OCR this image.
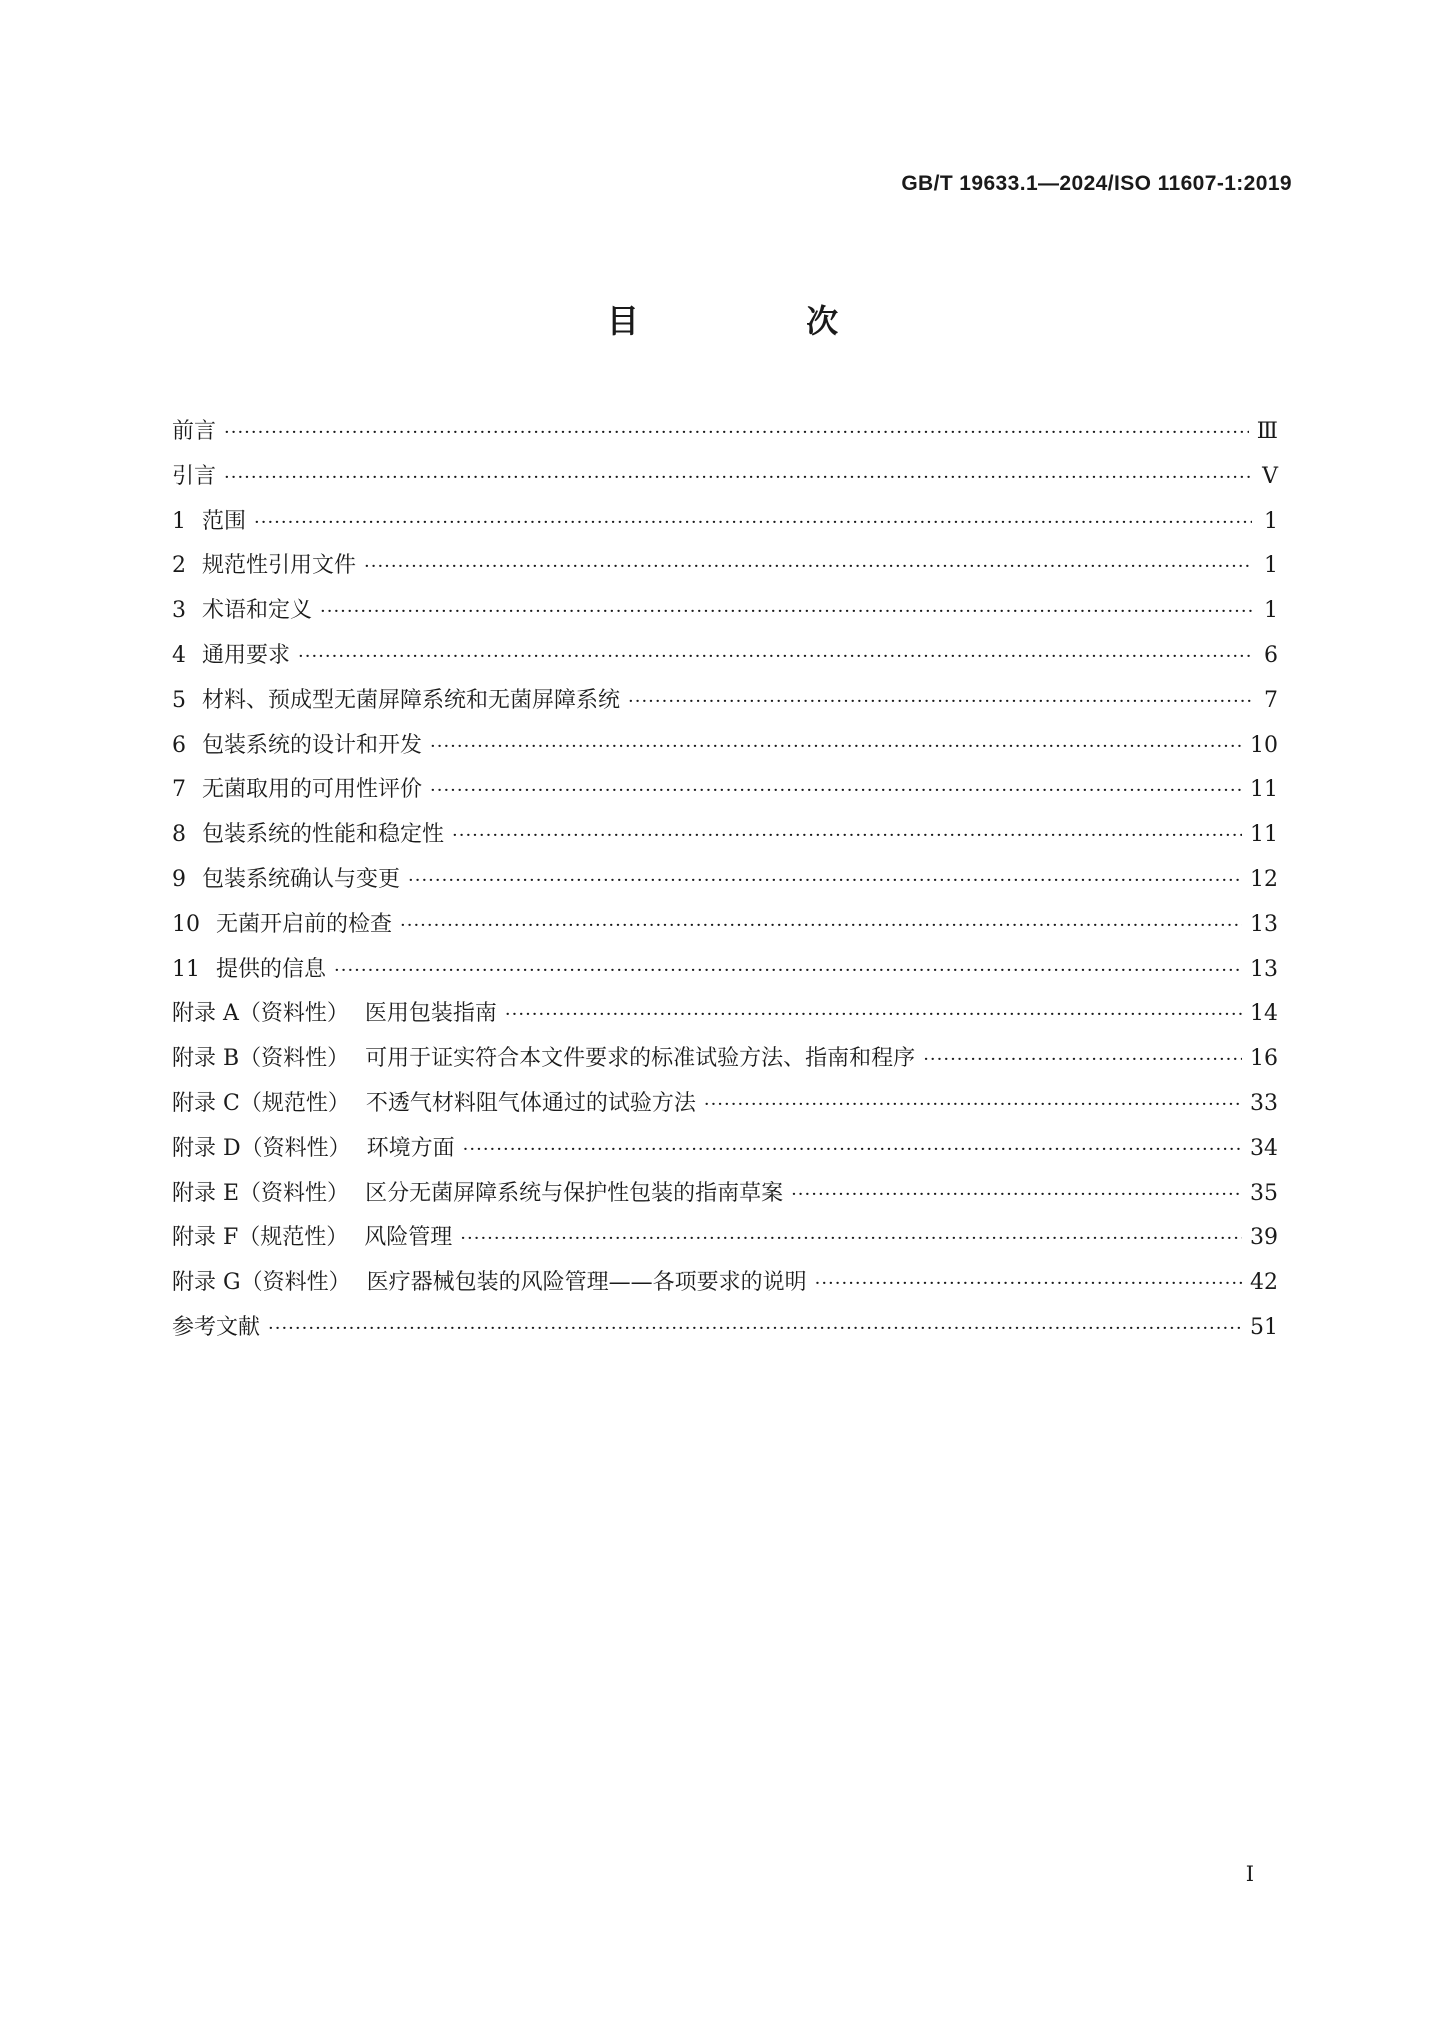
GB/T 19633.1—2024/ISO 11607-1:2019
目 次
前言 ·····	Ⅲ
引言 ·····	Ⅴ
1 范围 ·····	1
2 规范性引用文件 ·····	1
3 术语和定义 ·····	1
4 通用要求 ·····	6
5 材料、预成型无菌屏障系统和无菌屏障系统 ·····	7
6 包装系统的设计和开发 ·····	10
7 无菌取用的可用性评价 ·····	11
8 包装系统的性能和稳定性 ·····	11
9 包装系统确认与变更 ·····	12
10 无菌开启前的检查 ·····	13
11 提供的信息 ·····	13
附录 A（资料性） 医用包装指南 ·····	14
附录 B（资料性） 可用于证实符合本文件要求的标准试验方法、指南和程序 ·····	16
附录 C（规范性） 不透气材料阻气体通过的试验方法 ·····	33
附录 D（资料性） 环境方面 ·····	34
附录 E（资料性） 区分无菌屏障系统与保护性包装的指南草案 ·····	35
附录 F（规范性） 风险管理 ·····	39
附录 G（资料性） 医疗器械包装的风险管理——各项要求的说明 ·····	42
参考文献 ·····	51
Ⅰ
